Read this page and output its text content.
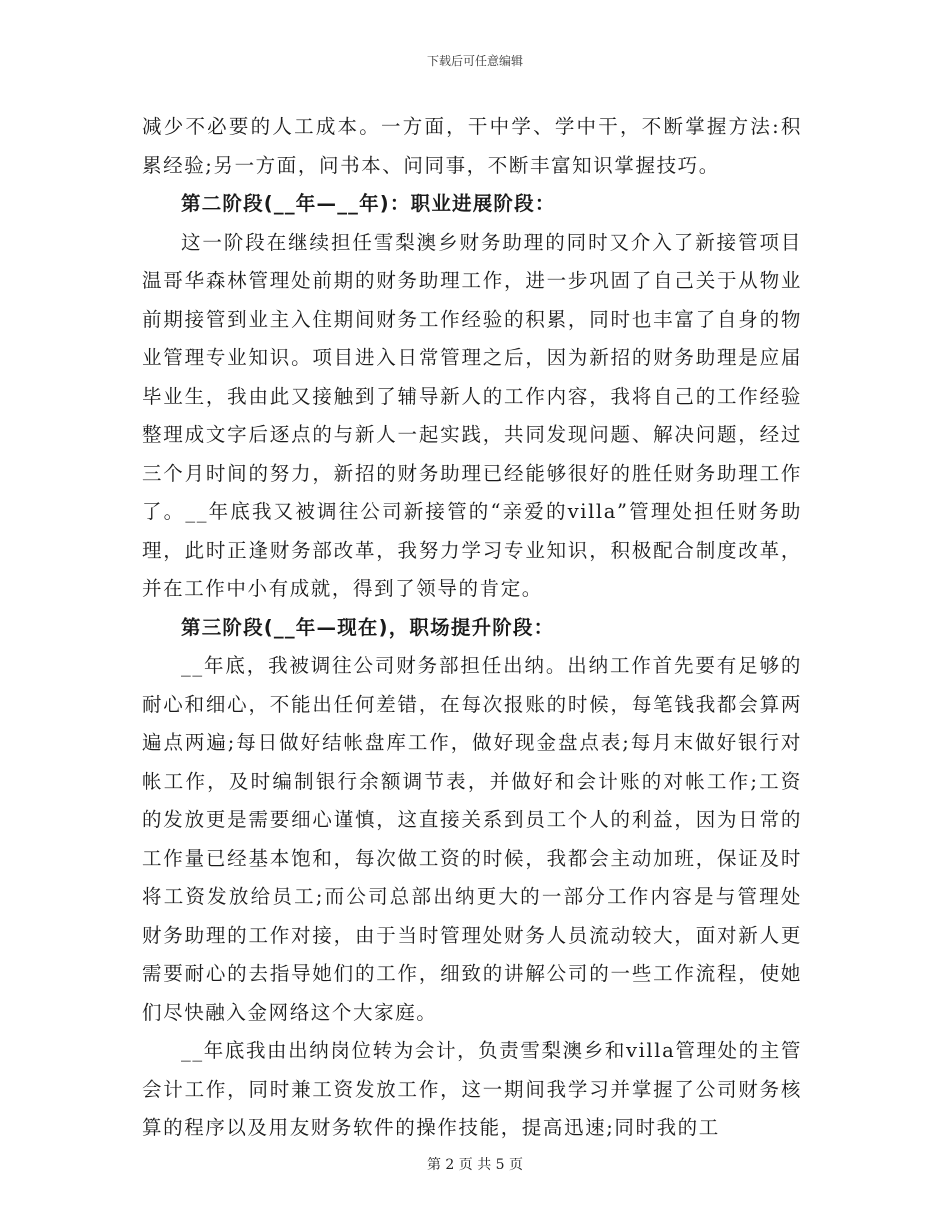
下载后可任意编辑

减少不必要的人工成本。一方面，干中学、学中干，不断掌握方法:积累经验;另一方面，问书本、问同事，不断丰富知识掌握技巧。

第二阶段(__年—__年)：职业进展阶段：

这一阶段在继续担任雪梨澳乡财务助理的同时又介入了新接管项目温哥华森林管理处前期的财务助理工作，进一步巩固了自己关于从物业前期接管到业主入住期间财务工作经验的积累，同时也丰富了自身的物业管理专业知识。项目进入日常管理之后，因为新招的财务助理是应届毕业生，我由此又接触到了辅导新人的工作内容，我将自己的工作经验整理成文字后逐点的与新人一起实践，共同发现问题、解决问题，经过三个月时间的努力，新招的财务助理已经能够很好的胜任财务助理工作了。__年底我又被调往公司新接管的“亲爱的villa”管理处担任财务助理，此时正逢财务部改革，我努力学习专业知识，积极配合制度改革，并在工作中小有成就，得到了领导的肯定。

第三阶段(__年—现在)，职场提升阶段：

__年底，我被调往公司财务部担任出纳。出纳工作首先要有足够的耐心和细心，不能出任何差错，在每次报账的时候，每笔钱我都会算两遍点两遍;每日做好结帐盘库工作，做好现金盘点表;每月末做好银行对帐工作，及时编制银行余额调节表，并做好和会计账的对帐工作;工资的发放更是需要细心谨慎，这直接关系到员工个人的利益，因为日常的工作量已经基本饱和，每次做工资的时候，我都会主动加班，保证及时将工资发放给员工;而公司总部出纳更大的一部分工作内容是与管理处财务助理的工作对接，由于当时管理处财务人员流动较大，面对新人更需要耐心的去指导她们的工作，细致的讲解公司的一些工作流程，使她们尽快融入金网络这个大家庭。

__年底我由出纳岗位转为会计，负责雪梨澳乡和villa管理处的主管会计工作，同时兼工资发放工作，这一期间我学习并掌握了公司财务核算的程序以及用友财务软件的操作技能，提高迅速;同时我的工

第 2 页 共 5 页
